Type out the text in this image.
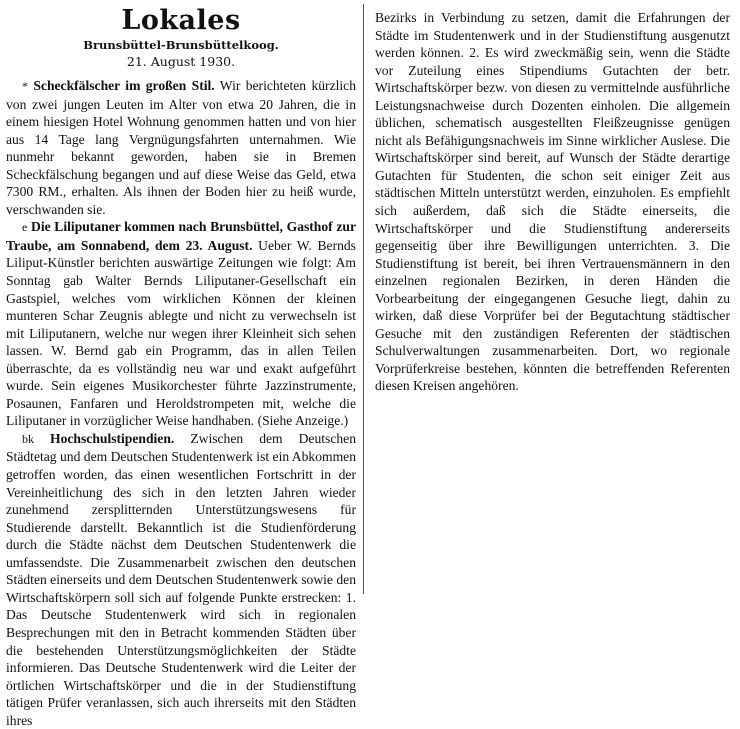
Lokales
Brunsbüttel-Brunsbüttelkoog.
21. August 1930.

* Scheckfälscher im großen Stil. Wir berichteten kürzlich von zwei jungen Leuten im Alter von etwa 20 Jahren, die in einem hiesigen Hotel Wohnung genommen hatten und von hier aus 14 Tage lang Vergnügungsfahrten unternahmen. Wie nunmehr bekannt geworden, haben sie in Bremen Scheckfälschung begangen und auf diese Weise das Geld, etwa 7300 RM., erhalten. Als ihnen der Boden hier zu heiß wurde, verschwanden sie.

e Die Liliputaner kommen nach Brunsbüttel, Gasthof zur Traube, am Sonnabend, dem 23. August. Ueber W. Bernds Liliput-Künstler berichten auswärtige Zeitungen wie folgt: Am Sonntag gab Walter Bernds Liliputaner-Gesellschaft ein Gastspiel, welches vom wirklichen Können der kleinen munteren Schar Zeugnis ablegte und nicht zu verwechseln ist mit Liliputanern, welche nur wegen ihrer Kleinheit sich sehen lassen. W. Bernd gab ein Programm, das in allen Teilen überraschte, da es vollständig neu war und exakt aufgeführt wurde. Sein eigenes Musikorchester führte Jazzinstrumente, Posaunen, Fanfaren und Heroldstrompeten mit, welche die Liliputaner in vorzüglicher Weise handhaben. (Siehe Anzeige.)

bk Hochschulstipendien. Zwischen dem Deutschen Städtetag und dem Deutschen Studentenwerk ist ein Abkommen getroffen worden, das einen wesentlichen Fortschritt in der Vereinheitlichung des sich in den letzten Jahren wieder zunehmend zersplitternden Unterstützungswesens für Studierende darstellt. Bekanntlich ist die Studienförderung durch die Städte nächst dem Deutschen Studentenwerk die umfassendste. Die Zusammenarbeit zwischen den deutschen Städten einerseits und dem Deutschen Studentenwerk sowie den Wirtschaftskörpern soll sich auf folgende Punkte erstrecken: 1. Das Deutsche Studentenwerk wird sich in regionalen Besprechungen mit den in Betracht kommenden Städten über die bestehenden Unterstützungsmöglichkeiten der Städte informieren. Das Deutsche Studentenwerk wird die Leiter der örtlichen Wirtschaftskörper und die in der Studienstiftung tätigen Prüfer veranlassen, sich auch ihrerseits mit den Städten ihres

Bezirks in Verbindung zu setzen, damit die Erfahrungen der Städte im Studentenwerk und in der Studienstiftung ausgenutzt werden können. 2. Es wird zweckmäßig sein, wenn die Städte vor Zuteilung eines Stipendiums Gutachten der betr. Wirtschaftskörper bezw. von diesen zu vermittelnde ausführliche Leistungsnachweise durch Dozenten einholen. Die allgemein üblichen, schematisch ausgestellten Fleißzeugnisse genügen nicht als Befähigungsnachweis im Sinne wirklicher Auslese. Die Wirtschaftskörper sind bereit, auf Wunsch der Städte derartige Gutachten für Studenten, die schon seit einiger Zeit aus städtischen Mitteln unterstützt werden, einzuholen. Es empfiehlt sich außerdem, daß sich die Städte einerseits, die Wirtschaftskörper und die Studienstiftung andererseits gegenseitig über ihre Bewilligungen unterrichten. 3. Die Studienstiftung ist bereit, bei ihren Vertrauensmännern in den einzelnen regionalen Bezirken, in deren Händen die Vorbearbeitung der eingegangenen Gesuche liegt, dahin zu wirken, daß diese Vorprüfer bei der Begutachtung städtischer Gesuche mit den zuständigen Referenten der städtischen Schulverwaltungen zusammenarbeiten. Dort, wo regionale Vorprüferkreise bestehen, könnten die betreffenden Referenten diesen Kreisen angehören.
